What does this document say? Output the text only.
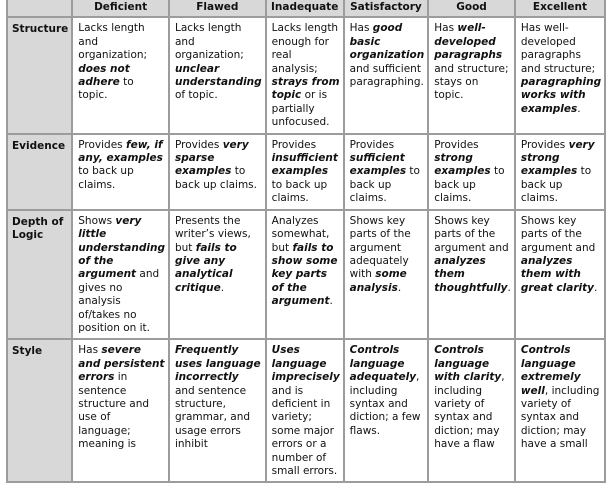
	Deficient	Flawed	Inadequate	Satisfactory	Good	Excellent
Structure	Lacks length and organization; does not adhere to topic.	Lacks length and organization; unclear understanding of topic.	Lacks length enough for real analysis; strays from topic or is partially unfocused.	Has good basic organization and sufficient paragraphing.	Has well-developed paragraphs and structure; stays on topic.	Has well-developed paragraphs and structure; paragraphing works with examples.
Evidence	Provides few, if any, examples to back up claims.	Provides very sparse examples to back up claims.	Provides insufficient examples to back up claims.	Provides sufficient examples to back up claims.	Provides strong examples to back up claims.	Provides very strong examples to back up claims.
Depth of Logic	Shows very little understanding of the argument and gives no analysis of/takes no position on it.	Presents the writer’s views, but fails to give any analytical critique.	Analyzes somewhat, but fails to show some key parts of the argument.	Shows key parts of the argument adequately with some analysis.	Shows key parts of the argument and analyzes them thoughtfully.	Shows key parts of the argument and analyzes them with great clarity.
Style	Has severe and persistent errors in sentence structure and use of language; meaning is	Frequently uses language incorrectly and sentence structure, grammar, and usage errors inhibit	Uses language imprecisely and is deficient in variety; some major errors or a number of small errors.	Controls language adequately, including syntax and diction; a few flaws.	Controls language with clarity, including variety of syntax and diction; may have a flaw	Controls language extremely well, including variety of syntax and diction; may have a small
